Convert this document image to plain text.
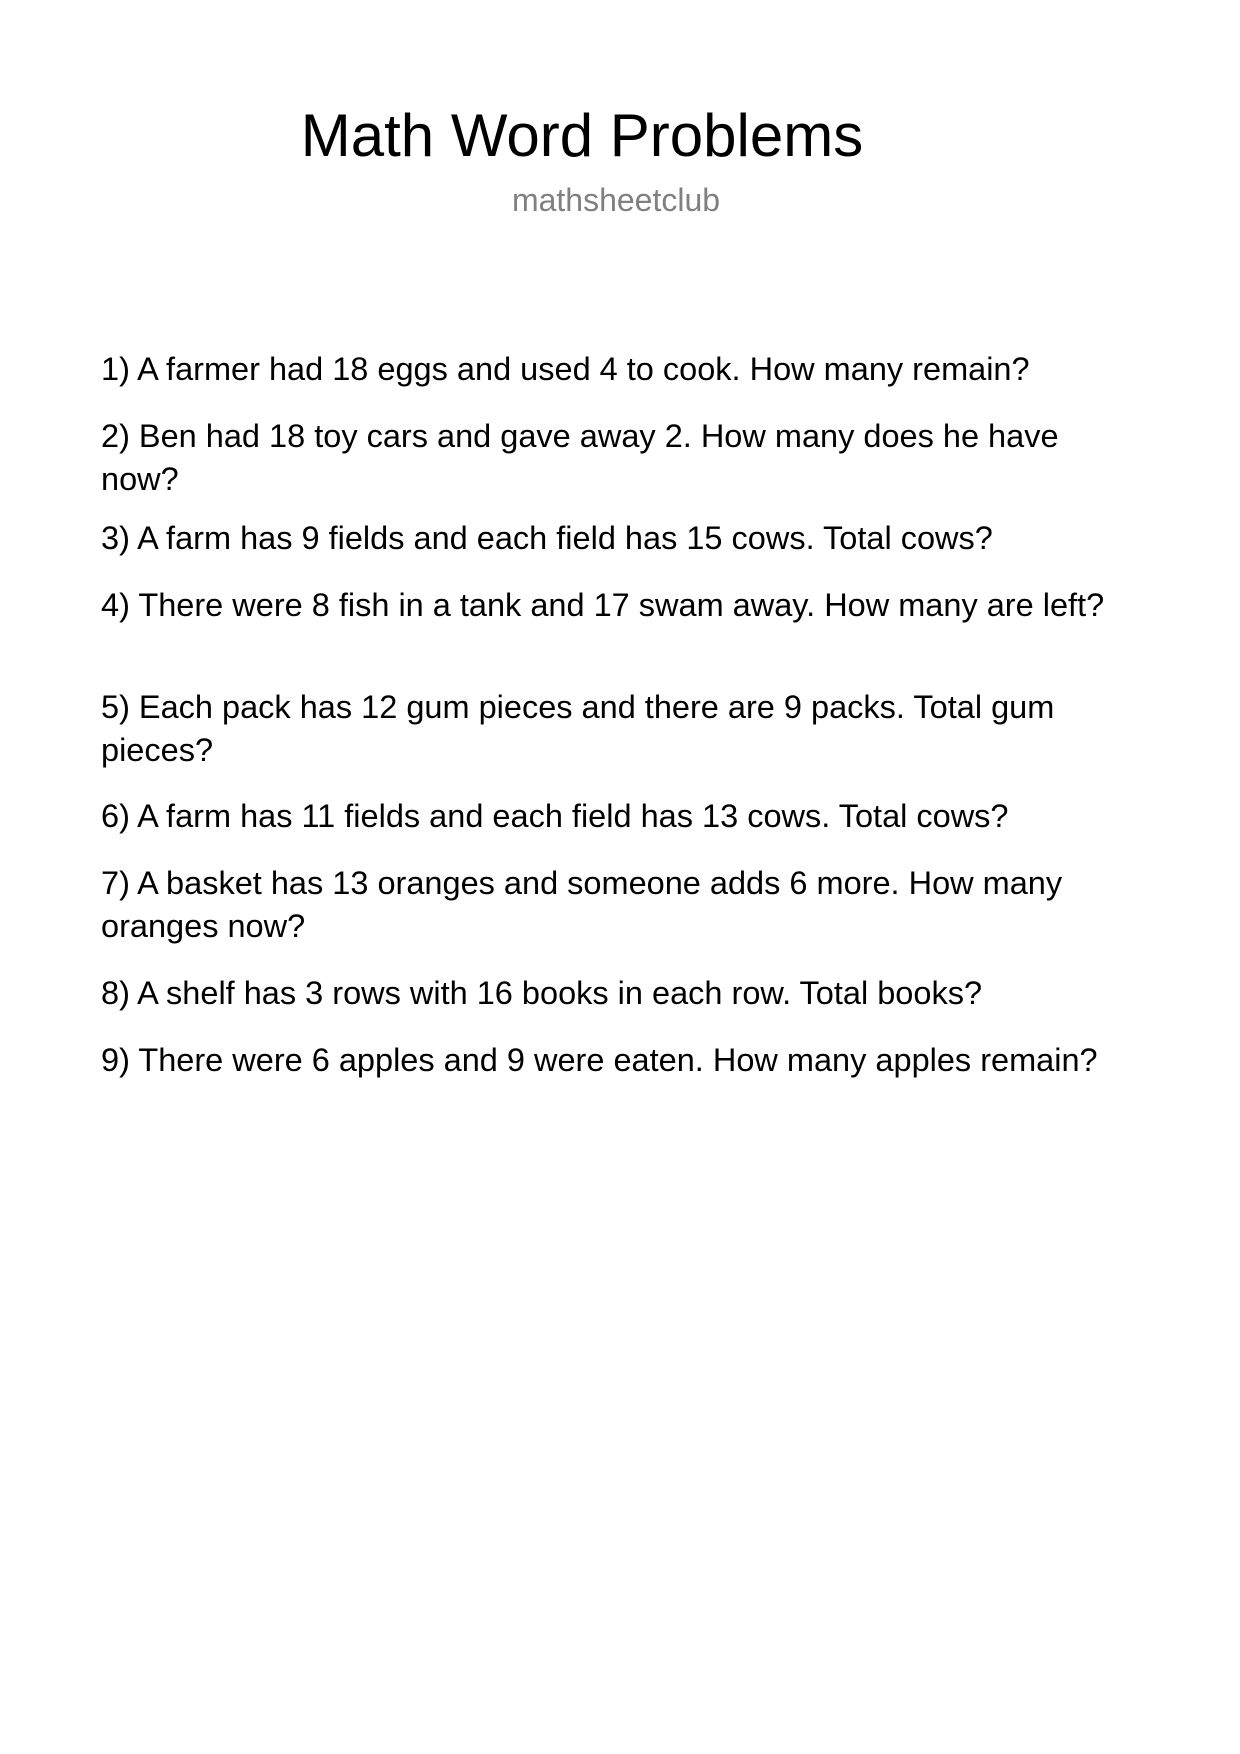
Math Word Problems
mathsheetclub

1) A farmer had 18 eggs and used 4 to cook. How many remain?

2) Ben had 18 toy cars and gave away 2. How many does he have now?

3) A farm has 9 fields and each field has 15 cows. Total cows?

4) There were 8 fish in a tank and 17 swam away. How many are left?

5) Each pack has 12 gum pieces and there are 9 packs. Total gum pieces?

6) A farm has 11 fields and each field has 13 cows. Total cows?

7) A basket has 13 oranges and someone adds 6 more. How many oranges now?

8) A shelf has 3 rows with 16 books in each row. Total books?

9) There were 6 apples and 9 were eaten. How many apples remain?
